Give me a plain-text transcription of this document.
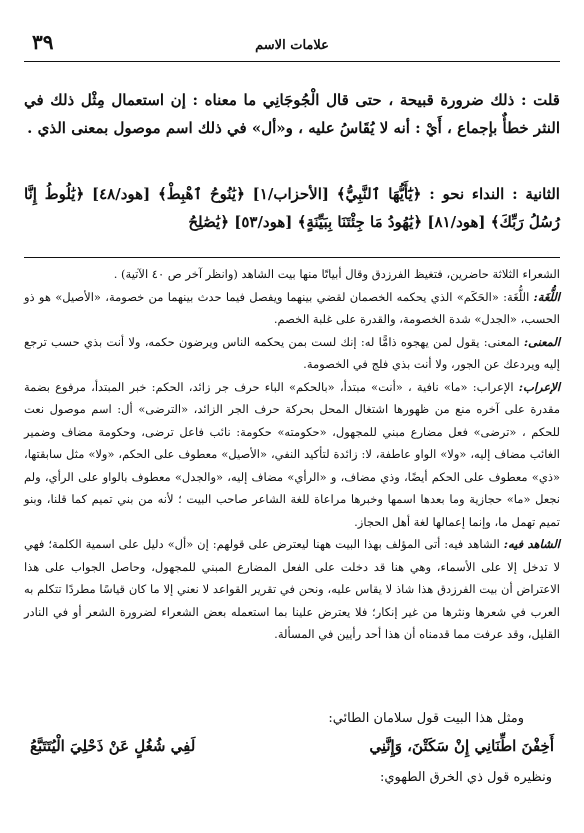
٣٩	علامات الاسم
قلت : ذلك ضرورة قبيحة ، حتى قال الْجُوجَانِي ما معناه : إن استعمال مِثْل ذلك في النثر خطأٌ بإجماع ، أَيْ : أنه لا يُقَاسُ عليه ، و«أل» في ذلك اسم موصول بمعنى الذي .
الثانية : النداء نحو : ﴿يَٰٓأَيُّهَا ٱلنَّبِيُّ﴾ [الأحزاب/١] ﴿يَٰنُوحُ ٱهْبِطْ﴾ [هود/٤٨] ﴿يَٰلُوطُ إِنَّا رُسُلُ رَبِّكَ﴾ [هود/٨١] ﴿يَٰهُودُ مَا جِئْتَنَا بِبَيِّنَةٍ﴾ [هود/٥٣] ﴿يَٰصَٰلِحُ
الشعراء الثلاثة حاضرين، فتغيظ الفرزدق وقال أبياتًا منها بيت الشاهد (وانظر آخر ص ٤٠ الآتية) .
اللُّغَة: اللُّغَة: «الحَكَم» الذي يحكمه الخصمان لقضي بينهما ويفصل فيما حدث بينهما من خصومة، «الأصيل» هو ذو الحسب، «الجدل» شدة الخصومة، والقدرة على غلبة الخصم.
المعنى: المعنى: يقول لمن يهجوه ذامًّا له: إنك لست بمن يحكمه الناس ويرضون حكمه، ولا أنت بذي حسب ترجع إليه ويردعك عن الجور، ولا أنت بذي فلج في الخصومة.
الإعراب: الإعراب: «ما» نافية ، «أنت» مبتدأ، «بالحكم» الباء حرف جر زائد، الحكم: خبر المبتدأ، مرفوع بضمة مقدرة على آخره منع من ظهورها اشتغال المحل بحركة حرف الجر الزائد، «الترضى» أل: اسم موصول نعت للحكم ، «ترضى» فعل مضارع مبني للمجهول، «حكومته» حكومة: نائب فاعل ترضى، وحكومة مضاف وضمير الغائب مضاف إليه، «ولا» الواو عاطفة، لا: زائدة لتأكيد النفي، «الأصيل» معطوف على الحكم، «ولا» مثل سابقتها، «ذي» معطوف على الحكم أيضًا، وذي مضاف، و «الرأي» مضاف إليه، «والجدل» معطوف بالواو على الرأي، ولم نجعل «ما» حجازية وما بعدها اسمها وخبرها مراعاة للغة الشاعر صاحب البيت ؛ لأنه من بني تميم كما قلنا، وبنو تميم تهمل ما، وإنما إعمالها لغة أهل الحجاز.
الشاهد فيه: الشاهد فيه: أتى المؤلف بهذا البيت ههنا ليعترض على قولهم: إن «أل» دليل على اسمية الكلمة؛ فهي لا تدخل إلا على الأسماء، وهي هنا قد دخلت على الفعل المضارع المبني للمجهول، وحاصل الجواب على هذا الاعتراض أن بيت الفرزدق هذا شاذ لا يقاس عليه، ونحن في تقرير القواعد لا نعني إلا ما كان قياسًا مطردًا تتكلم به العرب في شعرها ونثرها من غير إنكار؛ فلا يعترض علينا بما استعمله بعض الشعراء لضرورة الشعر أو في النادر القليل، وقد عرفت مما قدمناه أن هذا أحد رأيين في المسألة.
ومثل هذا البيت قول سلامان الطائي:
أَخِفْنَ اطِّنَانِي إِنْ سَكَتْنَ، وَإِنَّنِي
لَفِي شُغُلٍ عَنْ ذَحْلِيَ الْيُتَتَبَّعُ
ونظيره قول ذي الخرق الطهوي:
